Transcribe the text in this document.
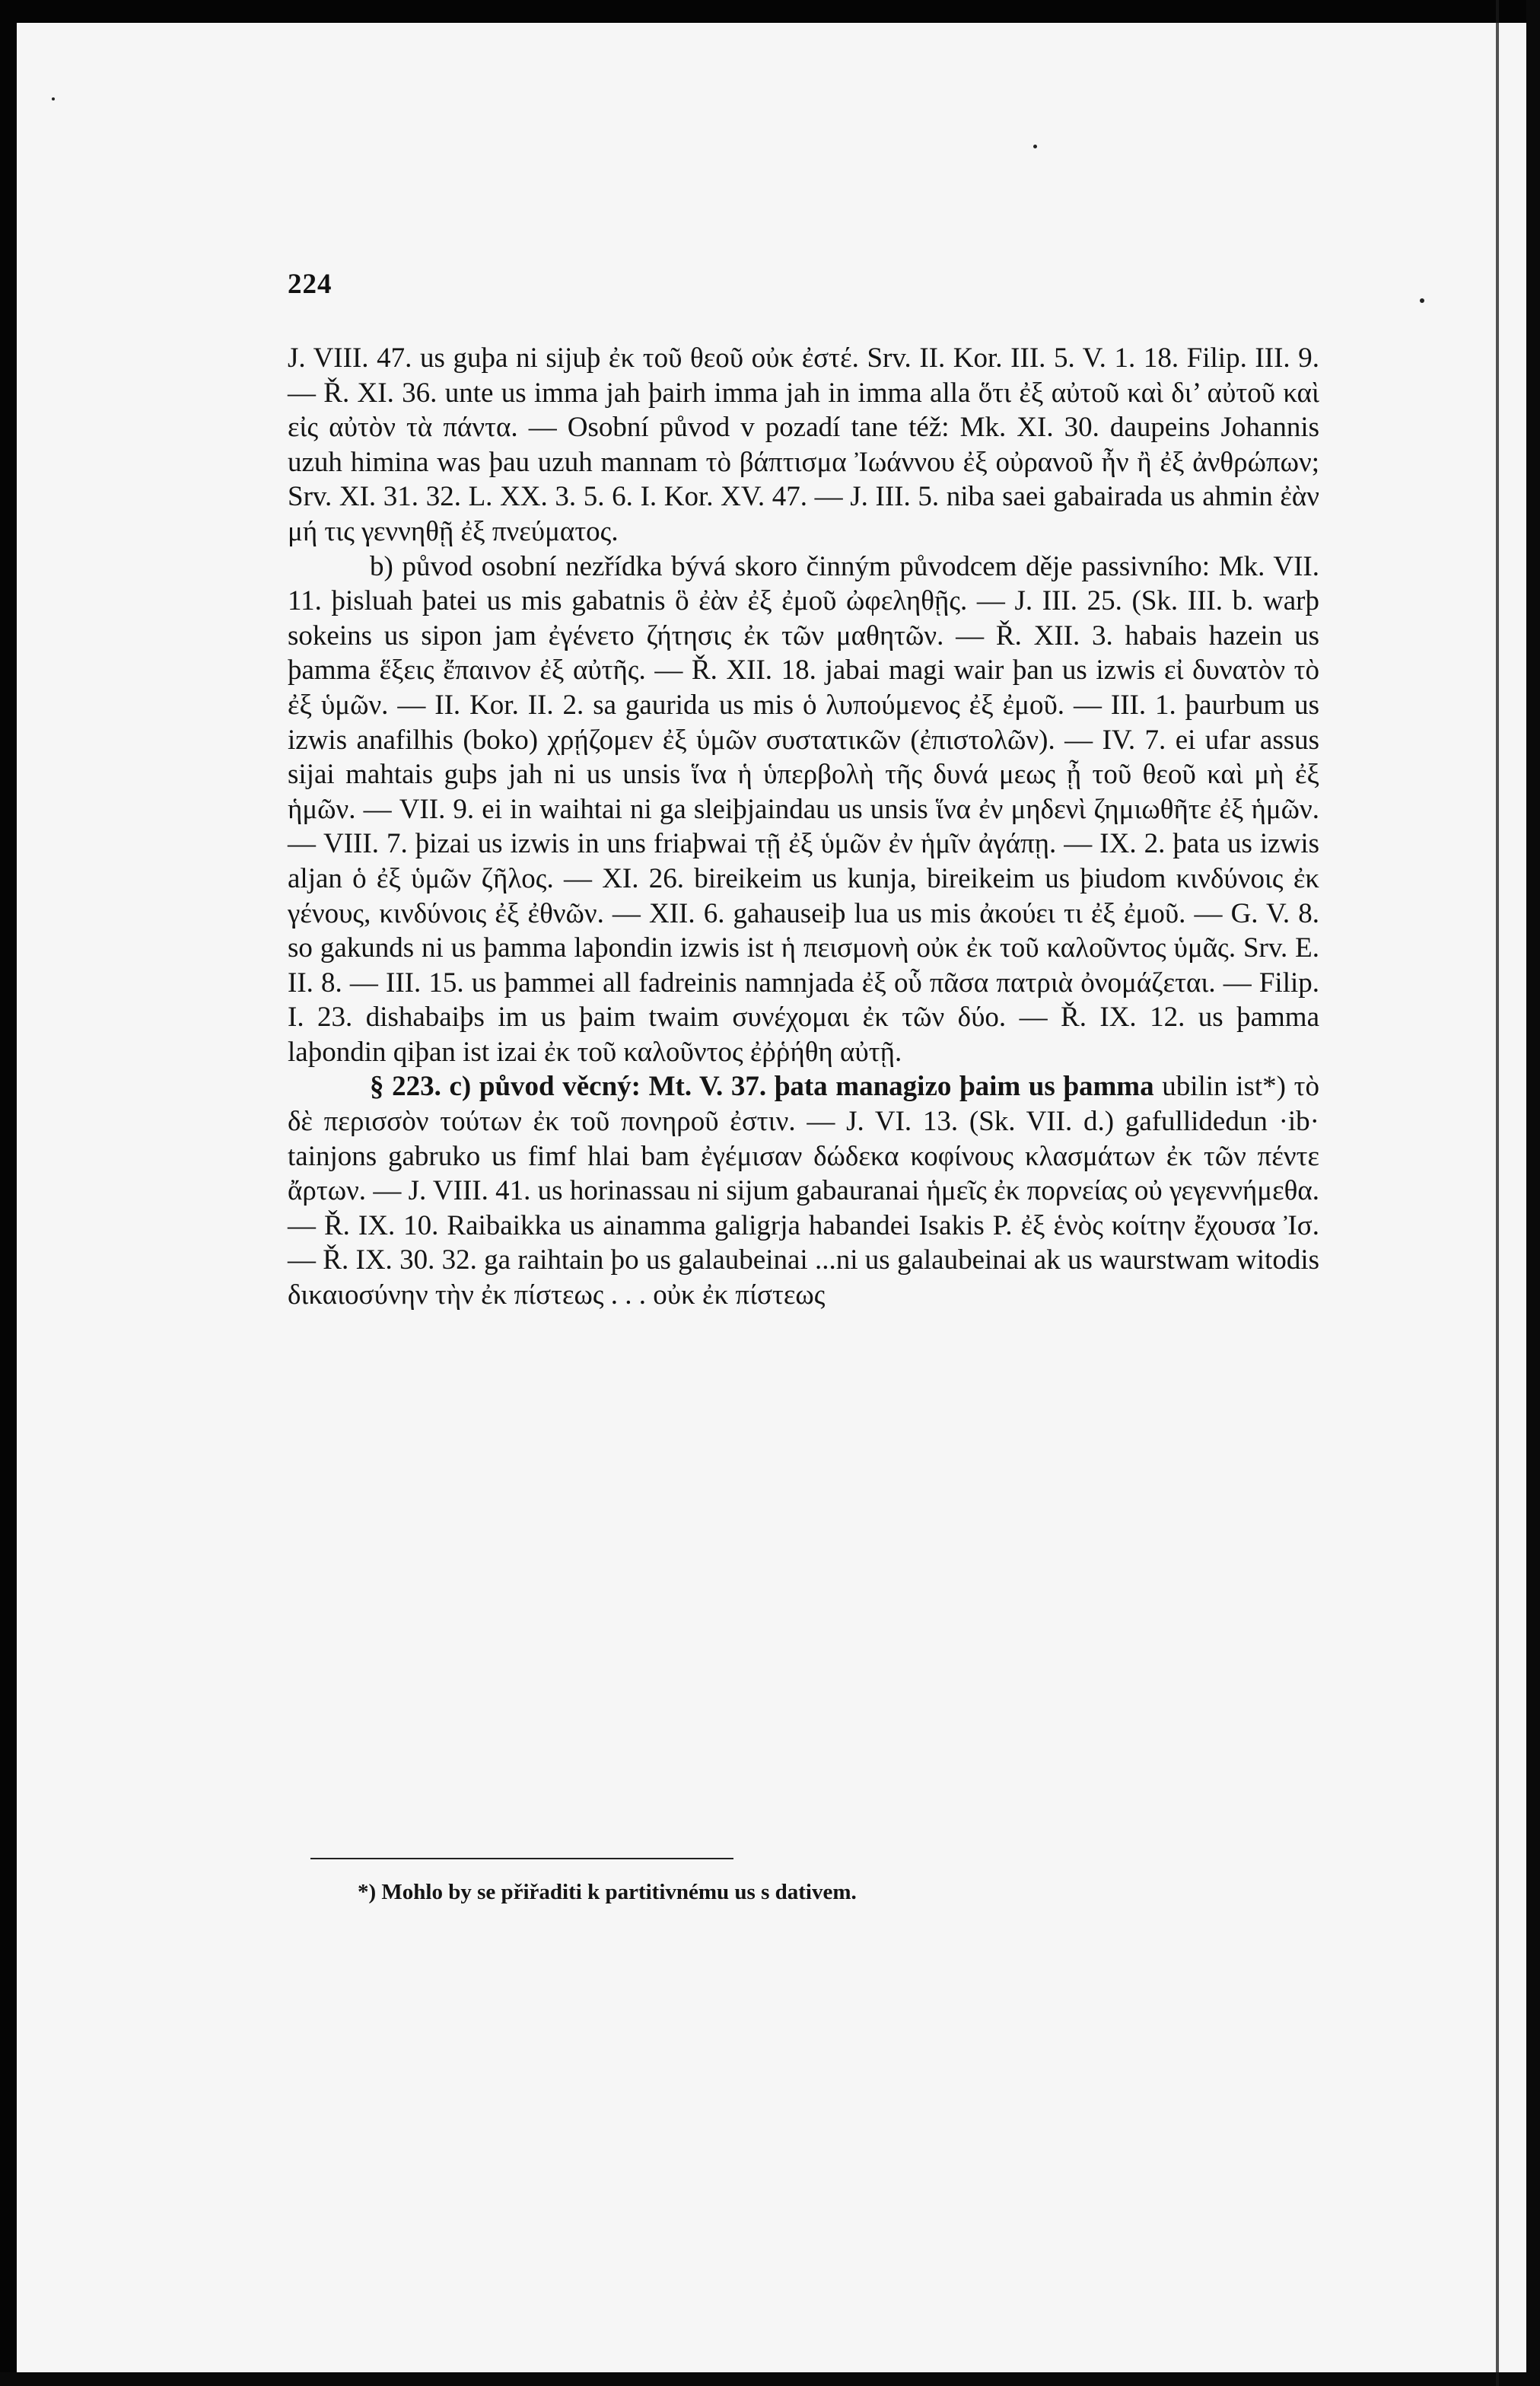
224

J. VIII. 47. us guþa ni sijuþ ἐκ τοῦ θεοῦ οὐκ ἐστέ. Srv. II. Kor. III. 5. V. 1. 18. Filip. III. 9. — Ř. XI. 36. unte us imma jah þairh imma jah in imma alla ὅτι ἐξ αὐτοῦ καὶ δι’ αὐτοῦ καὶ εἰς αὐτὸν τὰ πάντα. — Osobní původ v pozadí tane též: Mk. XI. 30. daupeins Johannis uzuh himina was þau uzuh mannam τὸ βάπτισμα Ἰωάννου ἐξ οὐρανοῦ ἦν ἢ ἐξ ἀνθρώπων; Srv. XI. 31. 32. L. XX. 3. 5. 6. I. Kor. XV. 47. — J. III. 5. niba saei gabairada us ahmin ἐὰν μή τις γεννηθῇ ἐξ πνεύματος.

b) původ osobní nezřídka bývá skoro činným původcem děje passivního: Mk. VII. 11. þisluah þatei us mis gabatnis ὃ ἐὰν ἐξ ἐμοῦ ὠφεληθῇς. — J. III. 25. (Sk. III. b. warþ sokeins us sipon jam ἐγένετο ζήτησις ἐκ τῶν μαθητῶν. — Ř. XII. 3. habais hazein us þamma ἕξεις ἔπαινον ἐξ αὐτῆς. — Ř. XII. 18. jabai magi wair þan us izwis εἰ δυνατὸν τὸ ἐξ ὑμῶν. — II. Kor. II. 2. sa gaurida us mis ὁ λυπούμενος ἐξ ἐμοῦ. — III. 1. þaurbum us izwis anafilhis (boko) χρῄζομεν ἐξ ὑμῶν συστατικῶν (ἐπιστολῶν). — IV. 7. ei ufar assus sijai mahtais guþs jah ni us unsis ἵνα ἡ ὑπερβολὴ τῆς δυνά μεως ᾖ τοῦ θεοῦ καὶ μὴ ἐξ ἡμῶν. — VII. 9. ei in waihtai ni ga sleiþjaindau us unsis ἵνα ἐν μηδενὶ ζημιωθῆτε ἐξ ἡμῶν. — VIII. 7. þizai us izwis in uns friaþwai τῇ ἐξ ὑμῶν ἐν ἡμῖν ἀγάπῃ. — IX. 2. þata us izwis aljan ὁ ἐξ ὑμῶν ζῆλος. — XI. 26. bireikeim us kunja, bireikeim us þiudom κινδύνοις ἐκ γένους, κινδύνοις ἐξ ἐθνῶν. — XII. 6. gahauseiþ lua us mis ἀκούει τι ἐξ ἐμοῦ. — G. V. 8. so gakunds ni us þamma laþondin izwis ist ἡ πεισμονὴ οὐκ ἐκ τοῦ καλοῦντος ὑμᾶς. Srv. E. II. 8. — III. 15. us þammei all fadreinis namnjada ἐξ οὗ πᾶσα πατριὰ ὀνομάζεται. — Filip. I. 23. dishabaiþs im us þaim twaim συνέχομαι ἐκ τῶν δύο. — Ř. IX. 12. us þamma laþondin qiþan ist izai ἐκ τοῦ καλοῦντος ἐῤῥήθη αὐτῇ.

§ 223. c) původ věcný: Mt. V. 37. þata managizo þaim us þamma ubilin ist*) τὸ δὲ περισσὸν τούτων ἐκ τοῦ πονηροῦ ἐστιν. — J. VI. 13. (Sk. VII. d.) gafullidedun ·ib· tainjons gabruko us fimf hlai bam ἐγέμισαν δώδεκα κοφίνους κλασμάτων ἐκ τῶν πέντε ἄρτων. — J. VIII. 41. us horinassau ni sijum gabauranai ἡμεῖς ἐκ πορνείας οὐ γεγεννήμεθα. — Ř. IX. 10. Raibaikka us ainamma galigrja habandei Isakis P. ἐξ ἑνὸς κοίτην ἔχουσα Ἰσ. — Ř. IX. 30. 32. ga raihtain þo us galaubeinai ...ni us galaubeinai ak us waurstwam witodis δικαιοσύνην τὴν ἐκ πίστεως . . . οὐκ ἐκ πίστεως

*) Mohlo by se přiřaditi k partitivnému us s dativem.
